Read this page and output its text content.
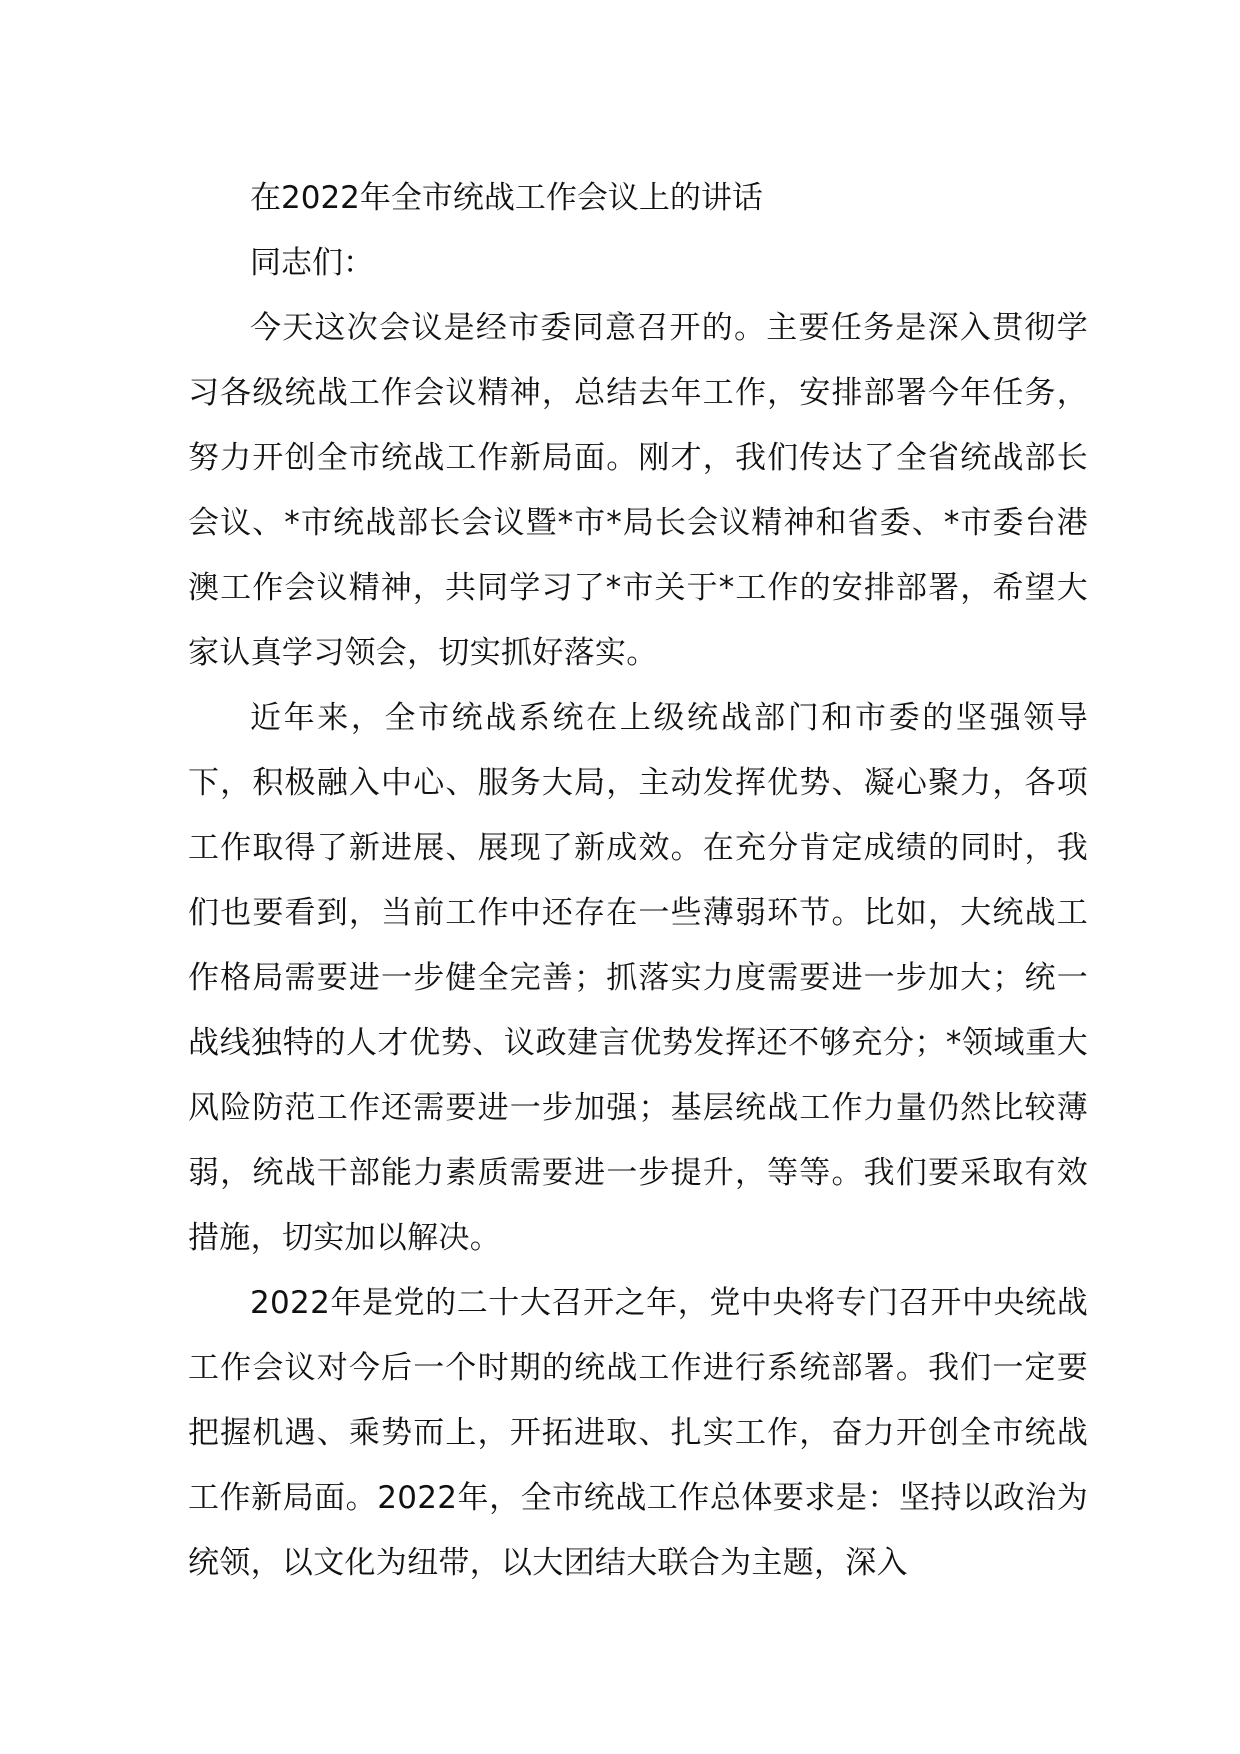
在2022年全市统战工作会议上的讲话

同志们：

今天这次会议是经市委同意召开的。主要任务是深入贯彻学习各级统战工作会议精神，总结去年工作，安排部署今年任务，努力开创全市统战工作新局面。刚才，我们传达了全省统战部长会议、*市统战部长会议暨*市*局长会议精神和省委、*市委台港澳工作会议精神，共同学习了*市关于*工作的安排部署，希望大家认真学习领会，切实抓好落实。

近年来，全市统战系统在上级统战部门和市委的坚强领导下，积极融入中心、服务大局，主动发挥优势、凝心聚力，各项工作取得了新进展、展现了新成效。在充分肯定成绩的同时，我们也要看到，当前工作中还存在一些薄弱环节。比如，大统战工作格局需要进一步健全完善；抓落实力度需要进一步加大；统一战线独特的人才优势、议政建言优势发挥还不够充分；*领域重大风险防范工作还需要进一步加强；基层统战工作力量仍然比较薄弱，统战干部能力素质需要进一步提升，等等。我们要采取有效措施，切实加以解决。

2022年是党的二十大召开之年，党中央将专门召开中央统战工作会议对今后一个时期的统战工作进行系统部署。我们一定要把握机遇、乘势而上，开拓进取、扎实工作，奋力开创全市统战工作新局面。2022年，全市统战工作总体要求是：坚持以政治为统领，以文化为纽带，以大团结大联合为主题，深入
